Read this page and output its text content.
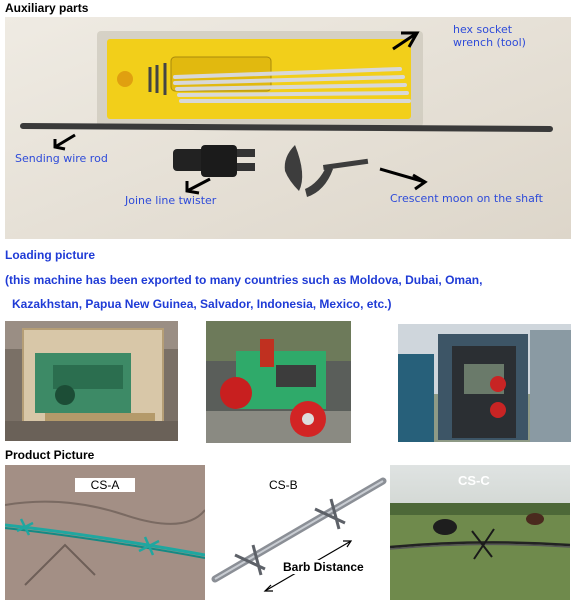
Auxiliary parts
hex socket
wrench (tool)
Sending wire rod
Joine line twister	Crescent moon on the shaft
Loading picture
(this machine has been exported to many countries such as Moldova, Dubai, Oman,
Kazakhstan, Papua New Guinea, Salvador, Indonesia, Mexico, etc.)
Product Picture
CS-A	CS-B
Barb Distance
CS-C
